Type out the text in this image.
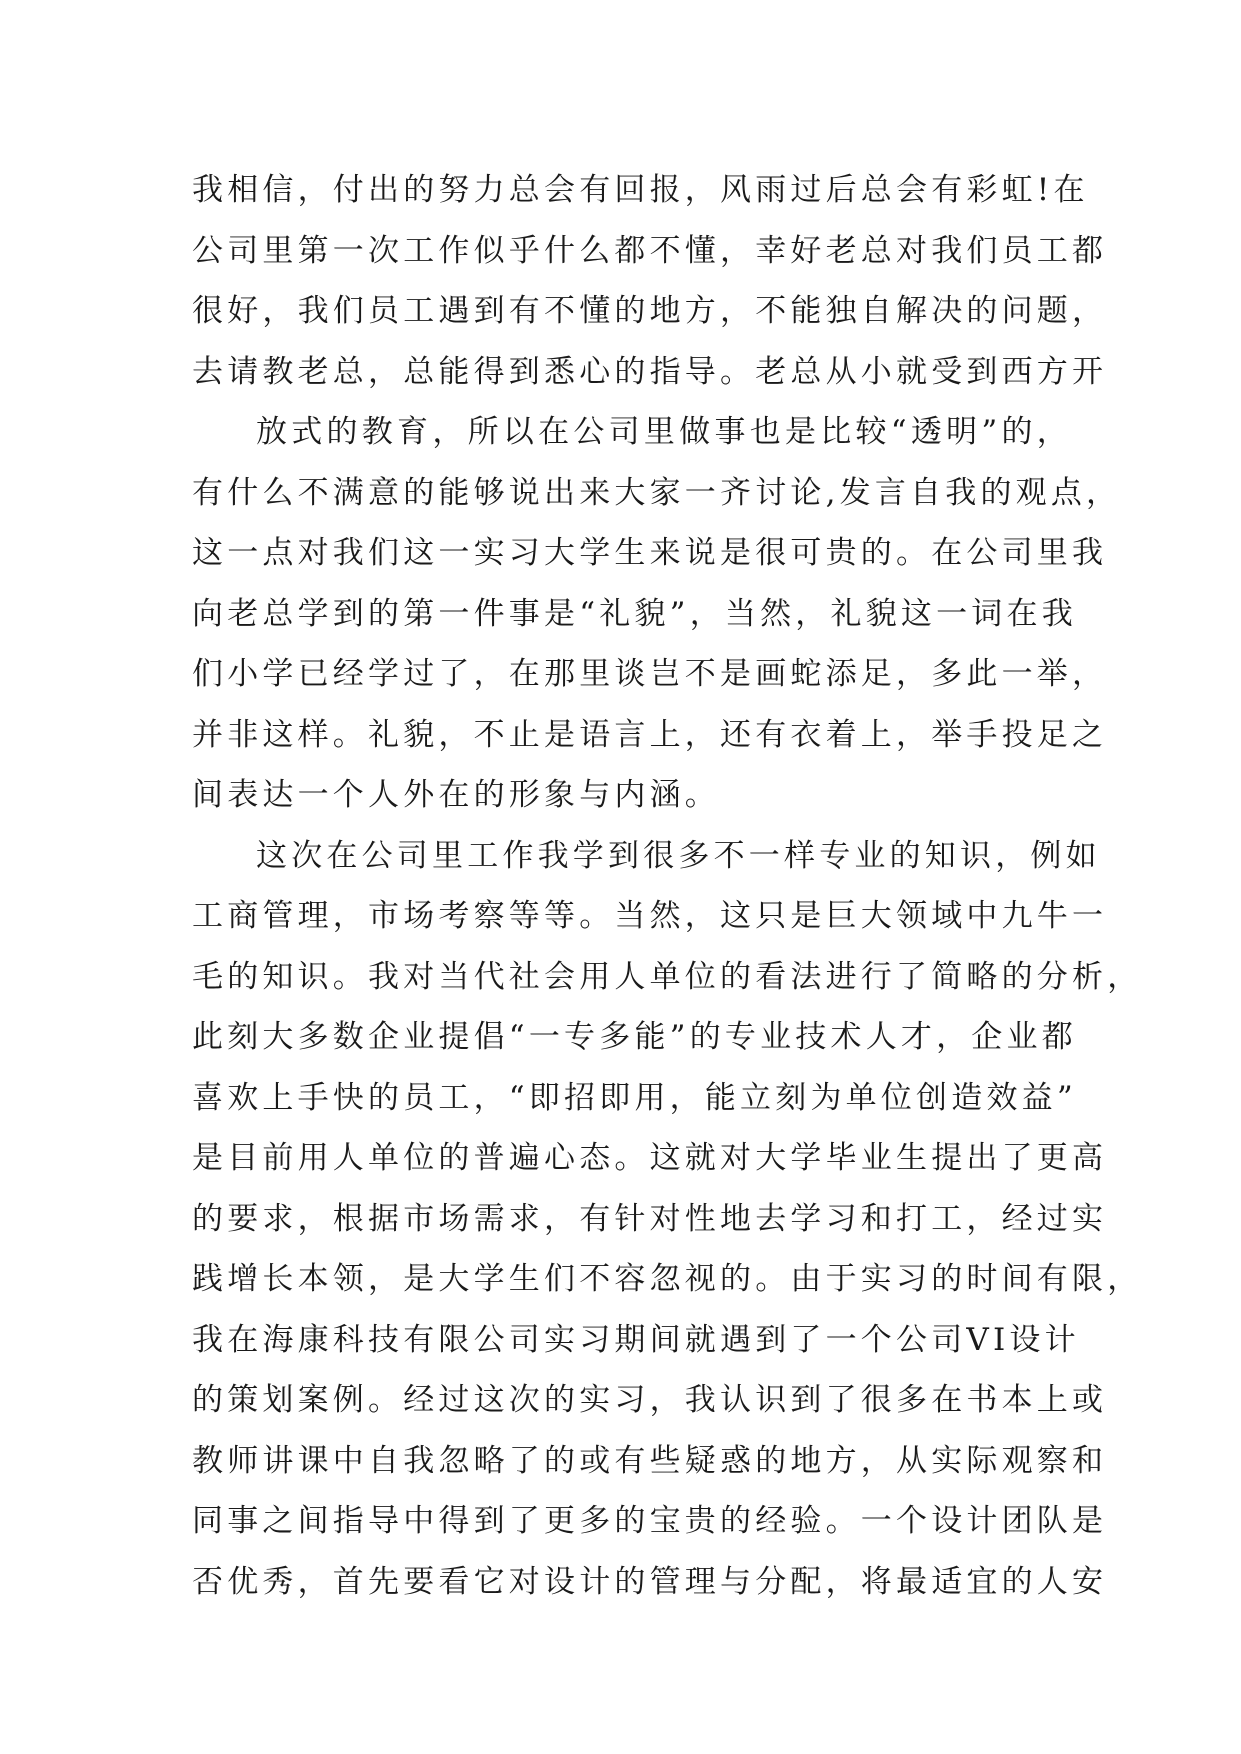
我相信，付出的努力总会有回报，风雨过后总会有彩虹!在
公司里第一次工作似乎什么都不懂，幸好老总对我们员工都
很好，我们员工遇到有不懂的地方，不能独自解决的问题，
去请教老总，总能得到悉心的指导。老总从小就受到西方开
放式的教育，所以在公司里做事也是比较“透明”的，
有什么不满意的能够说出来大家一齐讨论,发言自我的观点，
这一点对我们这一实习大学生来说是很可贵的。在公司里我
向老总学到的第一件事是“礼貌”，当然，礼貌这一词在我
们小学已经学过了，在那里谈岂不是画蛇添足，多此一举，
并非这样。礼貌，不止是语言上，还有衣着上，举手投足之
间表达一个人外在的形象与内涵。
这次在公司里工作我学到很多不一样专业的知识，例如
工商管理，市场考察等等。当然，这只是巨大领域中九牛一
毛的知识。我对当代社会用人单位的看法进行了简略的分析，
此刻大多数企业提倡“一专多能”的专业技术人才，企业都
喜欢上手快的员工，“即招即用，能立刻为单位创造效益”
是目前用人单位的普遍心态。这就对大学毕业生提出了更高
的要求，根据市场需求，有针对性地去学习和打工，经过实
践增长本领，是大学生们不容忽视的。由于实习的时间有限，
我在海康科技有限公司实习期间就遇到了一个公司VI设计
的策划案例。经过这次的实习，我认识到了很多在书本上或
教师讲课中自我忽略了的或有些疑惑的地方，从实际观察和
同事之间指导中得到了更多的宝贵的经验。一个设计团队是
否优秀，首先要看它对设计的管理与分配，将最适宜的人安
